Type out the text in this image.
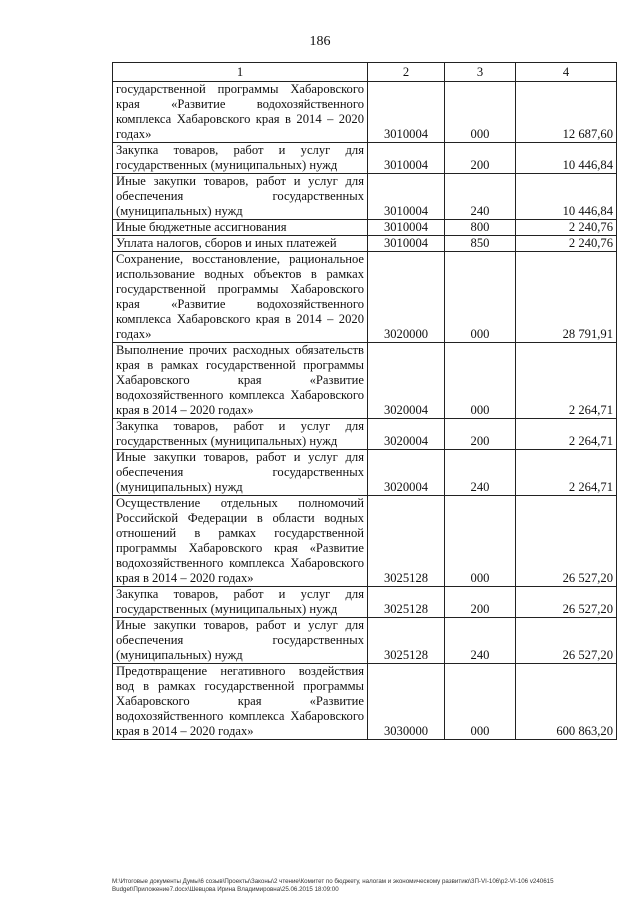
186
1	2	3	4
государственной программы Хабаровского края «Развитие водохозяйственного комплекса Хабаровского края в 2014 – 2020 годах»	3010004	000	12 687,60
Закупка товаров, работ и услуг для государственных (муниципальных) нужд	3010004	200	10 446,84
Иные закупки товаров, работ и услуг для обеспечения государственных (муниципальных) нужд	3010004	240	10 446,84
Иные бюджетные ассигнования	3010004	800	2 240,76
Уплата налогов, сборов и иных платежей	3010004	850	2 240,76
Сохранение, восстановление, рациональное использование водных объектов в рамках государственной программы Хабаровского края «Развитие водохозяйственного комплекса Хабаровского края в 2014 – 2020 годах»	3020000	000	28 791,91
Выполнение прочих расходных обязательств края в рамках государственной программы Хабаровского края «Развитие водохозяйственного комплекса Хабаровского края в 2014 – 2020 годах»	3020004	000	2 264,71
Закупка товаров, работ и услуг для государственных (муниципальных) нужд	3020004	200	2 264,71
Иные закупки товаров, работ и услуг для обеспечения государственных (муниципальных) нужд	3020004	240	2 264,71
Осуществление отдельных полномочий Российской Федерации в области водных отношений в рамках государственной программы Хабаровского края «Развитие водохозяйственного комплекса Хабаровского края в 2014 – 2020 годах»	3025128	000	26 527,20
Закупка товаров, работ и услуг для государственных (муниципальных) нужд	3025128	200	26 527,20
Иные закупки товаров, работ и услуг для обеспечения государственных (муниципальных) нужд	3025128	240	26 527,20
Предотвращение негативного воздействия вод в рамках государственной программы Хабаровского края «Развитие водохозяйственного комплекса Хабаровского края в 2014 – 2020 годах»	3030000	000	600 863,20
M:\Итоговые документы Думы\6 созыв\Проекты\Законы\2 чтение\Комитет по бюджету, налогам и экономическому развитию\3П-VI-106\р2-VI-106 v240615 Budget\Приложение7.docx\Шевцова Ирина Владимировна\25.06.2015 18:09:00
